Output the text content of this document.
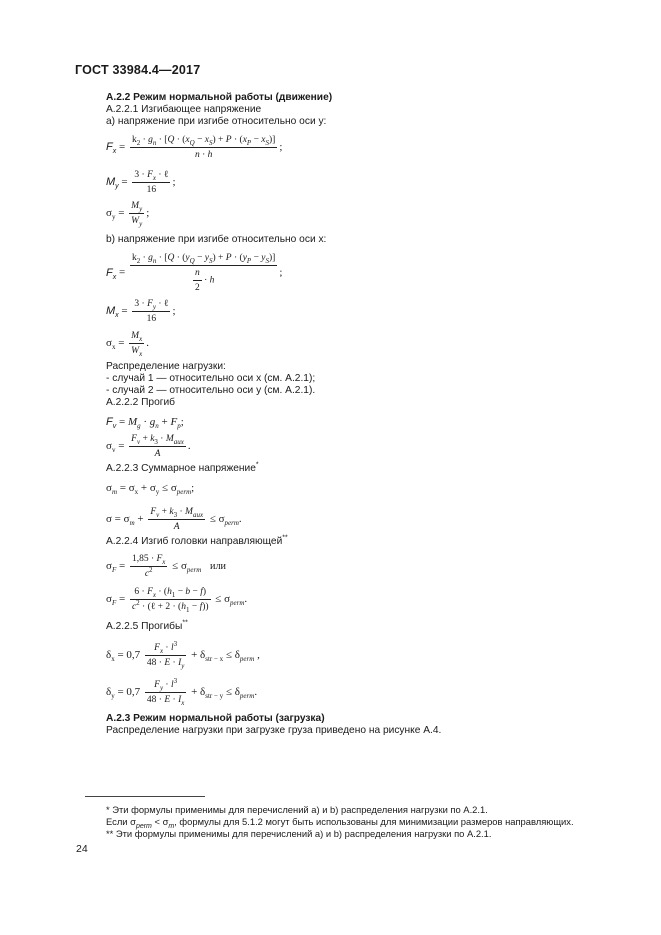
ГОСТ 33984.4—2017
А.2.2 Режим нормальной работы (движение)
А.2.2.1 Изгибающее напряжение
а) напряжение при изгибе относительно оси y:
$F_x = \frac{k_2 \cdot g_n \cdot [Q \cdot (x_Q - x_S) + P \cdot (x_P - x_S)]}{n \cdot h}$ ;
$M_y = \frac{3 \cdot F_x \cdot \ell}{16}$ ;
$\sigma_y = \frac{M_y}{W_y}$ ;
b) напряжение при изгибе относительно оси x:
$F_x = \frac{k_2 \cdot g_n \cdot [Q \cdot (y_Q - y_S) + P \cdot (y_P - y_S)]}{\frac{n}{2} \cdot h}$ ;
$M_x = \frac{3 \cdot F_y \cdot \ell}{16}$ ;
$\sigma_x = \frac{M_x}{W_x}$ .
Распределение нагрузки:
- случай 1 — относительно оси x (см. А.2.1);
- случай 2 — относительно оси y (см. А.2.1).
А.2.2.2 Прогиб
$F_v = M_g \cdot g_n + F_p$;
$\sigma_v = \frac{F_v + k_3 \cdot M_{aux}}{A}$ .
А.2.2.3 Суммарное напряжение*
$\sigma_m = \sigma_x + \sigma_y \le \sigma_{perm}$;
$\sigma = \sigma_m + \frac{F_v + k_3 \cdot M_{aux}}{A} \le \sigma_{perm}$.
А.2.2.4 Изгиб головки направляющей**
$\sigma_F = \frac{1,85 \cdot F_x}{c^2} \le \sigma_{perm}$ или
$\sigma_F = \frac{6 \cdot F_x \cdot (h_1 - b - f)}{c^2 \cdot (\ell + 2 \cdot (h_1 - f))} \le \sigma_{perm}$.
А.2.2.5 Прогибы**
$\delta_x = 0,7 \frac{F_x \cdot l^3}{48 \cdot E \cdot I_y} + \delta_{str - x} \le \delta_{perm}$ ,
$\delta_y = 0,7 \frac{F_y \cdot l^3}{48 \cdot E \cdot I_x} + \delta_{str - y} \le \delta_{perm}$.
А.2.3 Режим нормальной работы (загрузка)
Распределение нагрузки при загрузке груза приведено на рисунке А.4.
* Эти формулы применимы для перечислений а) и b) распределения нагрузки по А.2.1.
Если $\sigma_{perm} < \sigma_m$, формулы для 5.1.2 могут быть использованы для минимизации размеров направляющих.
** Эти формулы применимы для перечислений а) и b) распределения нагрузки по А.2.1.
24
